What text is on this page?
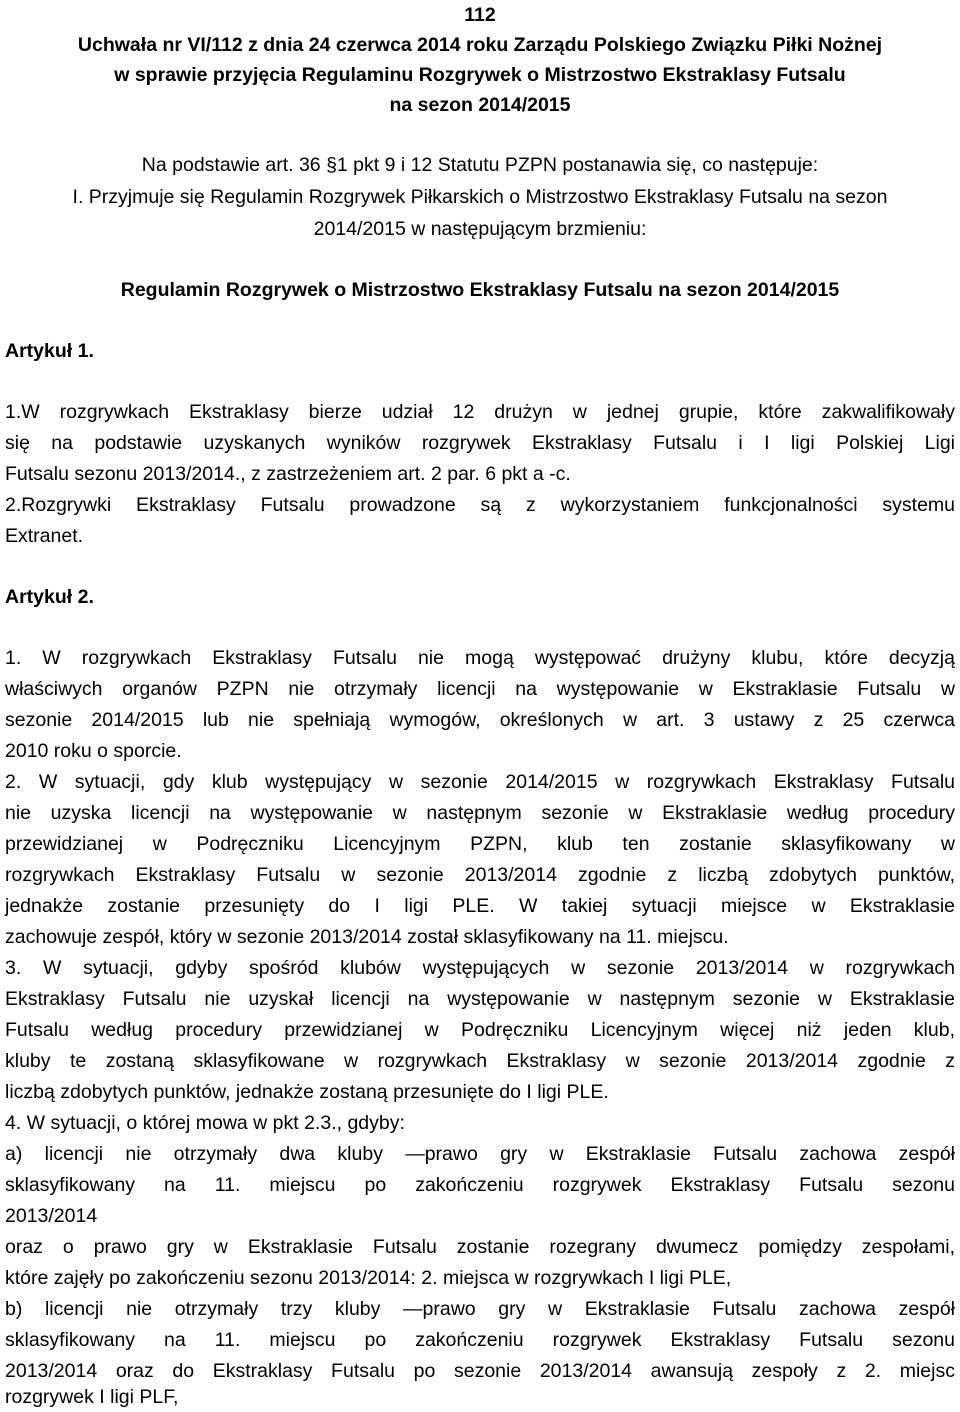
112
Uchwała nr VI/112 z dnia 24 czerwca 2014 roku Zarządu Polskiego Związku Piłki Nożnej
w sprawie przyjęcia Regulaminu Rozgrywek o Mistrzostwo Ekstraklasy Futsalu
na sezon 2014/2015
Na podstawie art. 36 §1 pkt 9 i 12 Statutu PZPN postanawia się, co następuje:
I. Przyjmuje się Regulamin Rozgrywek Piłkarskich o Mistrzostwo Ekstraklasy Futsalu na sezon
2014/2015 w następującym brzmieniu:
Regulamin Rozgrywek o Mistrzostwo Ekstraklasy Futsalu na sezon 2014/2015
Artykuł 1.
1.W rozgrywkach Ekstraklasy bierze udział 12 drużyn w jednej grupie, które zakwalifikowały
się na podstawie uzyskanych wyników rozgrywek Ekstraklasy Futsalu i I ligi Polskiej Ligi
Futsalu sezonu 2013/2014., z zastrzeżeniem art. 2 par. 6 pkt a -c.
2.Rozgrywki Ekstraklasy Futsalu prowadzone są z wykorzystaniem funkcjonalności systemu
Extranet.
Artykuł 2.
1. W rozgrywkach Ekstraklasy Futsalu nie mogą występować drużyny klubu, które decyzją
właściwych organów PZPN nie otrzymały licencji na występowanie w Ekstraklasie Futsalu w
sezonie 2014/2015 lub nie spełniają wymogów, określonych w art. 3 ustawy z 25 czerwca
2010 roku o sporcie.
2. W sytuacji, gdy klub występujący w sezonie 2014/2015 w rozgrywkach Ekstraklasy Futsalu
nie uzyska licencji na występowanie w następnym sezonie w Ekstraklasie według procedury
przewidzianej w Podręczniku Licencyjnym PZPN, klub ten zostanie sklasyfikowany w
rozgrywkach Ekstraklasy Futsalu w sezonie 2013/2014 zgodnie z liczbą zdobytych punktów,
jednakże zostanie przesunięty do I ligi PLE. W takiej sytuacji miejsce w Ekstraklasie
zachowuje zespół, który w sezonie 2013/2014 został sklasyfikowany na 11. miejscu.
3. W sytuacji, gdyby spośród klubów występujących w sezonie 2013/2014 w rozgrywkach
Ekstraklasy Futsalu nie uzyskał licencji na występowanie w następnym sezonie w Ekstraklasie
Futsalu według procedury przewidzianej w Podręczniku Licencyjnym więcej niż jeden klub,
kluby te zostaną sklasyfikowane w rozgrywkach Ekstraklasy w sezonie 2013/2014 zgodnie z
liczbą zdobytych punktów, jednakże zostaną przesunięte do I ligi PLE.
4. W sytuacji, o której mowa w pkt 2.3., gdyby:
a) licencji nie otrzymały dwa kluby —prawo gry w Ekstraklasie Futsalu zachowa zespół
sklasyfikowany na 11. miejscu po zakończeniu rozgrywek Ekstraklasy Futsalu sezonu
2013/2014
oraz o prawo gry w Ekstraklasie Futsalu zostanie rozegrany dwumecz pomiędzy zespołami,
które zajęły po zakończeniu sezonu 2013/2014: 2. miejsca w rozgrywkach I ligi PLE,
b) licencji nie otrzymały trzy kluby —prawo gry w Ekstraklasie Futsalu zachowa zespół
sklasyfikowany na 11. miejscu po zakończeniu rozgrywek Ekstraklasy Futsalu sezonu
2013/2014 oraz do Ekstraklasy Futsalu po sezonie 2013/2014 awansują zespoły z 2. miejsc
rozgrywek I ligi PLF,
